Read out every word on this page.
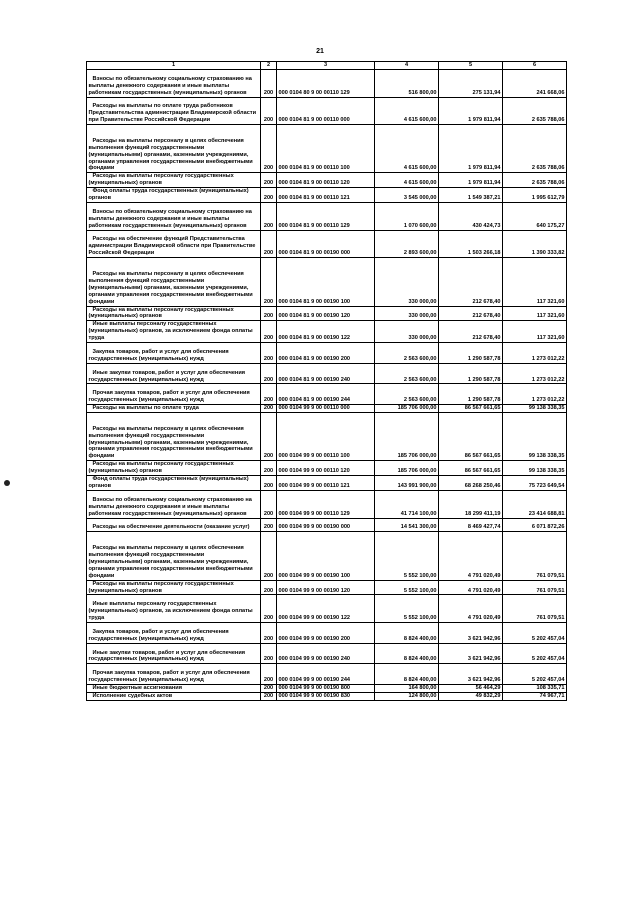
21
1	2	3	4	5	6
Взносы по обязательному социальному страхованию на выплаты денежного содержания и иные выплаты работникам государственных (муниципальных) органов	200	000 0104 80 9 00 00110 129	516 800,00	275 131,94	241 668,06
Расходы на выплаты по оплате труда работников Представительства администрации Владимирской области при Правительстве Российской Федерации	200	000 0104 81 9 00 00110 000	4 615 600,00	1 979 811,94	2 635 788,06
Расходы на выплаты персоналу в целях обеспечения выполнения функций государственными (муниципальными) органами, казенными учреждениями, органами управления государственными внебюджетными фондами	200	000 0104 81 9 00 00110 100	4 615 600,00	1 979 811,94	2 635 788,06
Расходы на выплаты персоналу государственных (муниципальных) органов	200	000 0104 81 9 00 00110 120	4 615 600,00	1 979 811,94	2 635 788,06
Фонд оплаты труда государственных (муниципальных) органов	200	000 0104 81 9 00 00110 121	3 545 000,00	1 549 387,21	1 995 612,79
Взносы по обязательному социальному страхованию на выплаты денежного содержания и иные выплаты работникам государственных (муниципальных) органов	200	000 0104 81 9 00 00110 129	1 070 600,00	430 424,73	640 175,27
Расходы на обеспечение функций Представительства администрации Владимирской области при Правительстве Российской Федерации	200	000 0104 81 9 00 00190 000	2 893 600,00	1 503 266,18	1 390 333,82
Расходы на выплаты персоналу в целях обеспечения выполнения функций государственными (муниципальными) органами, казенными учреждениями, органами управления государственными внебюджетными фондами	200	000 0104 81 9 00 00190 100	330 000,00	212 678,40	117 321,60
Расходы на выплаты персоналу государственных (муниципальных) органов	200	000 0104 81 9 00 00190 120	330 000,00	212 678,40	117 321,60
Иные выплаты персоналу государственных (муниципальных) органов, за исключением фонда оплаты труда	200	000 0104 81 9 00 00190 122	330 000,00	212 678,40	117 321,60
Закупка товаров, работ и услуг для обеспечения государственных (муниципальных) нужд	200	000 0104 81 9 00 00190 200	2 563 600,00	1 290 587,78	1 273 012,22
Иные закупки товаров, работ и услуг для обеспечения государственных (муниципальных) нужд	200	000 0104 81 9 00 00190 240	2 563 600,00	1 290 587,78	1 273 012,22
Прочая закупка товаров, работ и услуг для обеспечения государственных (муниципальных) нужд	200	000 0104 81 9 00 00190 244	2 563 600,00	1 290 587,78	1 273 012,22
Расходы на выплаты по оплате труда	200	000 0104 99 9 00 00110 000	185 706 000,00	86 567 661,65	99 138 338,35
Расходы на выплаты персоналу в целях обеспечения выполнения функций государственными (муниципальными) органами, казенными учреждениями, органами управления государственными внебюджетными фондами	200	000 0104 99 9 00 00110 100	185 706 000,00	86 567 661,65	99 138 338,35
Расходы на выплаты персоналу государственных (муниципальных) органов	200	000 0104 99 9 00 00110 120	185 706 000,00	86 567 661,65	99 138 338,35
Фонд оплаты труда государственных (муниципальных) органов	200	000 0104 99 9 00 00110 121	143 991 900,00	68 268 250,46	75 723 649,54
Взносы по обязательному социальному страхованию на выплаты денежного содержания и иные выплаты работникам государственных (муниципальных) органов	200	000 0104 99 9 00 00110 129	41 714 100,00	18 299 411,19	23 414 688,81
Расходы на обеспечение деятельности (оказание услуг)	200	000 0104 99 9 00 00190 000	14 541 300,00	8 469 427,74	6 071 872,26
Расходы на выплаты персоналу в целях обеспечения выполнения функций государственными (муниципальными) органами, казенными учреждениями, органами управления государственными внебюджетными фондами	200	000 0104 99 9 00 00190 100	5 552 100,00	4 791 020,49	761 079,51
Расходы на выплаты персоналу государственных (муниципальных) органов	200	000 0104 99 9 00 00190 120	5 552 100,00	4 791 020,49	761 079,51
Иные выплаты персоналу государственных (муниципальных) органов, за исключением фонда оплаты труда	200	000 0104 99 9 00 00190 122	5 552 100,00	4 791 020,49	761 079,51
Закупка товаров, работ и услуг для обеспечения государственных (муниципальных) нужд	200	000 0104 99 9 00 00190 200	8 824 400,00	3 621 942,96	5 202 457,04
Иные закупки товаров, работ и услуг для обеспечения государственных (муниципальных) нужд	200	000 0104 99 9 00 00190 240	8 824 400,00	3 621 942,96	5 202 457,04
Прочая закупка товаров, работ и услуг для обеспечения государственных (муниципальных) нужд	200	000 0104 99 9 00 00190 244	8 824 400,00	3 621 942,96	5 202 457,04
Иные бюджетные ассигнования	200	000 0104 99 9 00 00190 800	164 800,00	56 464,29	108 335,71
Исполнение судебных актов	200	000 0104 99 9 00 00190 830	124 800,00	49 832,29	74 967,71
